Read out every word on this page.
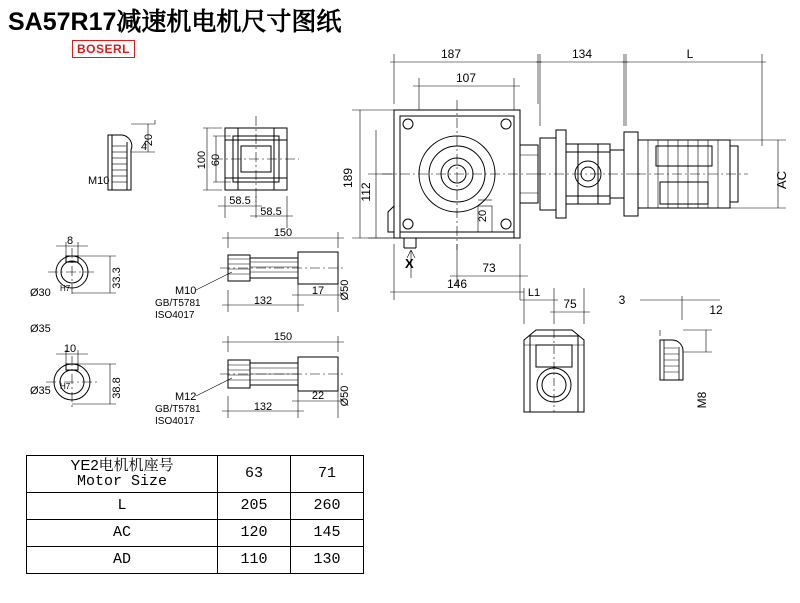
SA57R17减速机电机尺寸图纸
BOSERL	187
107
134	L
189
112
20
AC
X	73
146
L1
75	3
12
M8
M10
20
4
100 60
58.5
58.5
8
Ø30 H7	33.3
Ø35
10
Ø35 H7	38.8
150
132
17 Ø50
M10
GB/T5781
ISO4017
150
132
22 Ø50
M12
GB/T5781
ISO4017
YE2电机机座号
Motor Size	63	71
L	205	260
AC	120	145
AD	110	130
